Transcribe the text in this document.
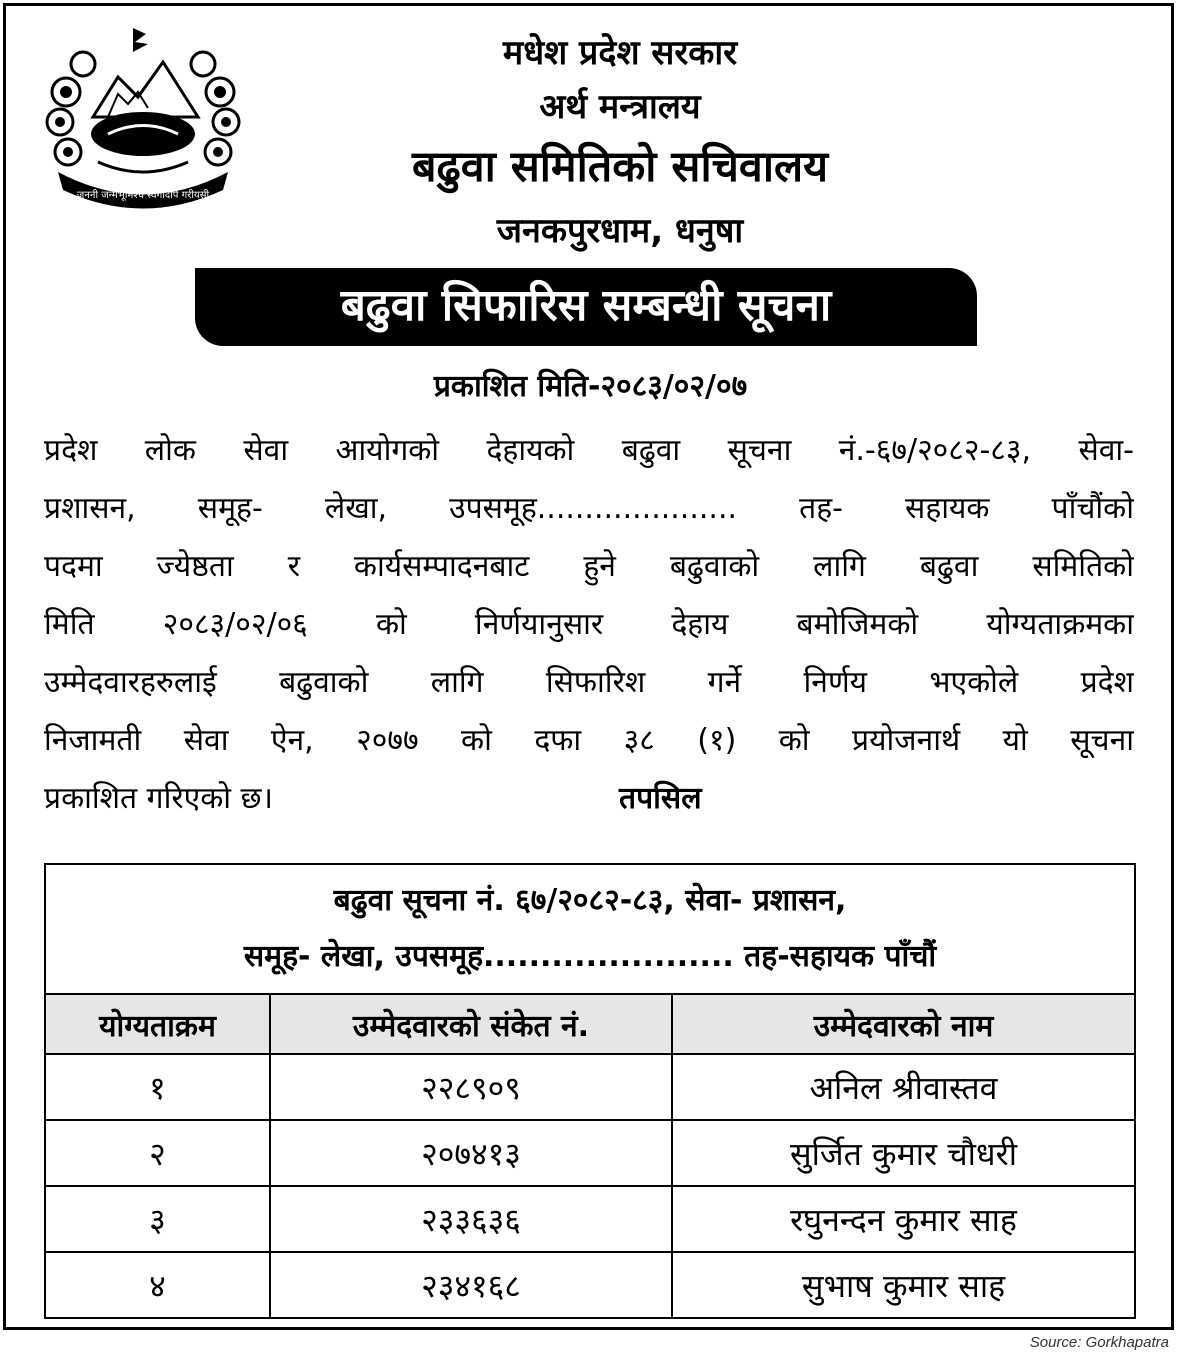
जननी जन्मभूमिश्च स्वर्गादपि गरीयसी
मधेश प्रदेश सरकार
अर्थ मन्त्रालय
बढुवा समितिको सचिवालय
जनकपुरधाम, धनुषा
बढुवा सिफारिस सम्बन्धी सूचना
प्रकाशित मिति-२०८३/०२/०७
प्रदेश लोक सेवा आयोगको देहायको बढुवा सूचना नं.-६७/२०८२-८३, सेवा-
प्रशासन, समूह- लेखा, उपसमूह..................... तह- सहायक पाँचौंको
पदमा ज्येष्ठता र कार्यसम्पादनबाट हुने बढुवाको लागि बढुवा समितिको
मिति २०८३/०२/०६ को निर्णयानुसार देहाय बमोजिमको योग्यताक्रमका
उम्मेदवारहरुलाई बढुवाको लागि सिफारिश गर्ने निर्णय भएकोले प्रदेश
निजामती सेवा ऐन, २०७७ को दफा ३८ (१) को प्रयोजनार्थ यो सूचना
प्रकाशित गरिएको छ।	तपसिल
बढुवा सूचना नं. ६७/२०८२-८३, सेवा- प्रशासन,
समूह- लेखा, उपसमूह...................... तह-सहायक पाँचौं		

योग्यताक्रम	उम्मेदवारको संकेत नं.	उम्मेदवारको नाम
१	२२८९०९	अनिल श्रीवास्तव
२	२०७४१३	सुर्जित कुमार चौधरी
३	२३३६३६	रघुनन्दन कुमार साह
४	२३४१६८	सुभाष कुमार साह
Source: Gorkhapatra
